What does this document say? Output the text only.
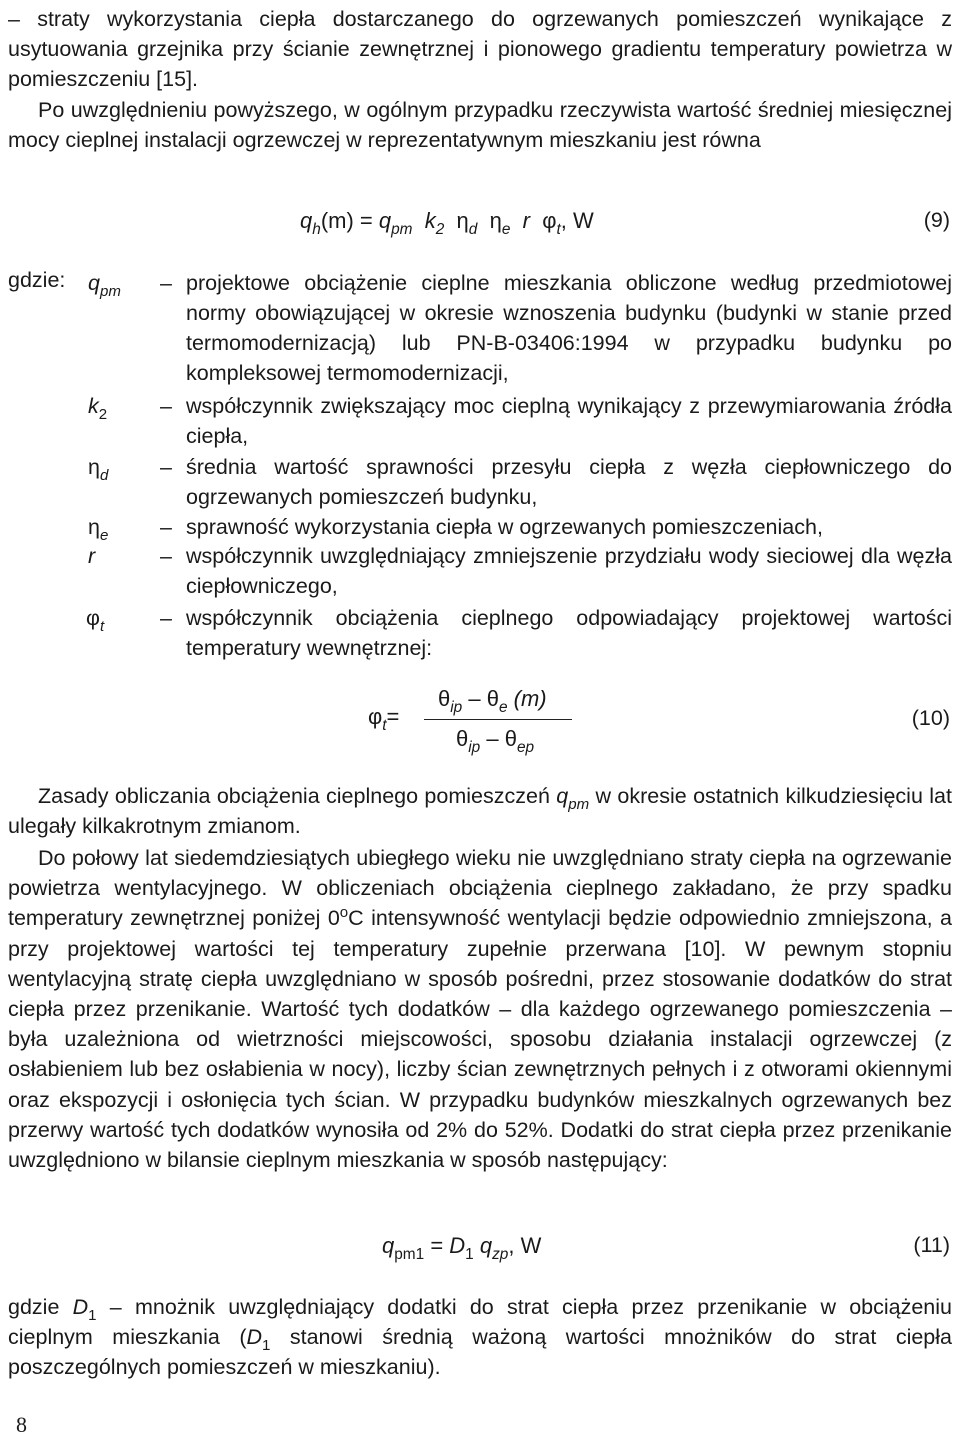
– straty wykorzystania ciepła dostarczanego do ogrzewanych pomieszczeń wynikające z usytuowania grzejnika przy ścianie zewnętrznej i pionowego gradientu temperatury powietrza w pomieszczeniu [15].

Po uwzględnieniu powyższego, w ogólnym przypadku rzeczywista wartość średniej miesięcznej mocy cieplnej instalacji ogrzewczej w reprezentatywnym mieszkaniu jest równa

$q_h(m) = q_{pm}$ $k_2$ $\eta_d$ $\eta_e$ r $\varphi_t$, W	(9)
gdzie: $q_{pm}$	– projektowe obciążenie cieplne mieszkania obliczone według przedmiotowej normy obowiązującej w okresie wznoszenia budynku (budynki w stanie przed termomodernizacją) lub PN-B-03406:1994 w przypadku budynku po kompleksowej termomodernizacji,
$k_2$	– współczynnik zwiększający moc cieplną wynikający z przewymiarowania źródła ciepła,
$\eta_d$	– średnia wartość sprawności przesyłu ciepła z węzła ciepłowniczego do ogrzewanych pomieszczeń budynku,
$\eta_e$	– sprawność wykorzystania ciepła w ogrzewanych pomieszczeniach,
r	– współczynnik uwzględniający zmniejszenie przydziału wody sieciowej dla węzła ciepłowniczego,
$\varphi_t$	– współczynnik obciążenia cieplnego odpowiadający projektowej wartości temperatury wewnętrznej:
$\varphi_t=$
$\theta_{ip} - \theta_e$ (m)
$\theta_{ip} - \theta_{ep}$
(10)

Zasady obliczania obciążenia cieplnego pomieszczeń $q_{pm}$ w okresie ostatnich kilkudziesięciu lat ulegały kilkakrotnym zmianom.

Do połowy lat siedemdziesiątych ubiegłego wieku nie uwzględniano straty ciepła na ogrzewanie powietrza wentylacyjnego. W obliczeniach obciążenia cieplnego zakładano, że przy spadku temperatury zewnętrznej poniżej 0$^o$C intensywność wentylacji będzie odpowiednio zmniejszona, a przy projektowej wartości tej temperatury zupełnie przerwana [10]. W pewnym stopniu wentylacyjną stratę ciepła uwzględniano w sposób pośredni, przez stosowanie dodatków do strat ciepła przez przenikanie. Wartość tych dodatków – dla każdego ogrzewanego pomieszczenia – była uzależniona od wietrzności miejscowości, sposobu działania instalacji ogrzewczej (z osłabieniem lub bez osłabienia w nocy), liczby ścian zewnętrznych pełnych i z otworami okiennymi oraz ekspozycji i osłonięcia tych ścian. W przypadku budynków mieszkalnych ogrzewanych bez przerwy wartość tych dodatków wynosiła od 2% do 52%. Dodatki do strat ciepła przez przenikanie uwzględniono w bilansie cieplnym mieszkania w sposób następujący:

$q_{pm1} = D_1$ $q_{zp}$, W	(11)

gdzie $D_1$ – mnożnik uwzględniający dodatki do strat ciepła przez przenikanie w obciążeniu cieplnym mieszkania ($D_1$ stanowi średnią ważoną wartości mnożników do strat ciepła poszczególnych pomieszczeń w mieszkaniu).

8
